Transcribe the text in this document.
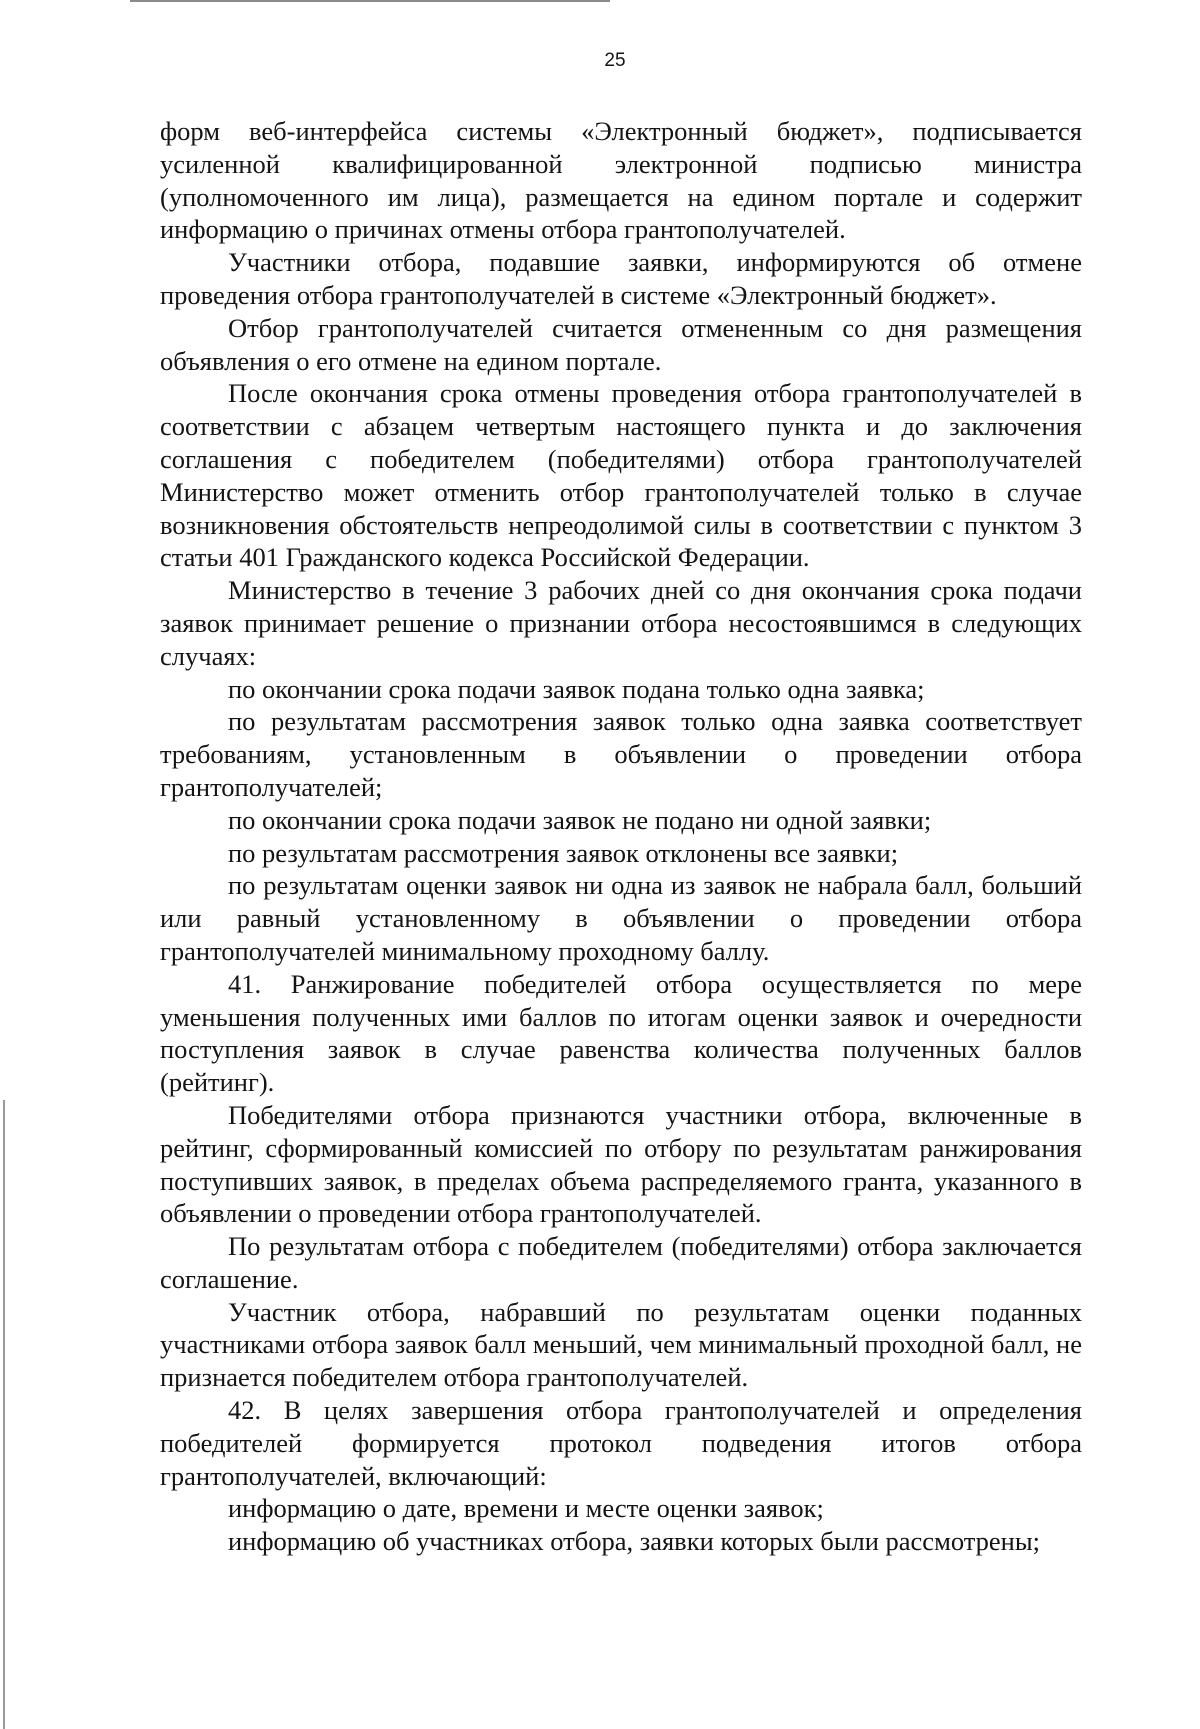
25

форм веб-интерфейса системы «Электронный бюджет», подписывается усиленной квалифицированной электронной подписью министра (уполномоченного им лица), размещается на едином портале и содержит информацию о причинах отмены отбора грантополучателей.

Участники отбора, подавшие заявки, информируются об отмене проведения отбора грантополучателей в системе «Электронный бюджет».

Отбор грантополучателей считается отмененным со дня размещения объявления о его отмене на едином портале.

После окончания срока отмены проведения отбора грантополучателей в соответствии с абзацем четвертым настоящего пункта и до заключения соглашения с победителем (победителями) отбора грантополучателей Министерство может отменить отбор грантополучателей только в случае возникновения обстоятельств непреодолимой силы в соответствии с пунктом 3 статьи 401 Гражданского кодекса Российской Федерации.

Министерство в течение 3 рабочих дней со дня окончания срока подачи заявок принимает решение о признании отбора несостоявшимся в следующих случаях:

по окончании срока подачи заявок подана только одна заявка;

по результатам рассмотрения заявок только одна заявка соответствует требованиям, установленным в объявлении о проведении отбора грантополучателей;

по окончании срока подачи заявок не подано ни одной заявки;

по результатам рассмотрения заявок отклонены все заявки;

по результатам оценки заявок ни одна из заявок не набрала балл, больший или равный установленному в объявлении о проведении отбора грантополучателей минимальному проходному баллу.

41. Ранжирование победителей отбора осуществляется по мере уменьшения полученных ими баллов по итогам оценки заявок и очередности поступления заявок в случае равенства количества полученных баллов (рейтинг).

Победителями отбора признаются участники отбора, включенные в рейтинг, сформированный комиссией по отбору по результатам ранжирования поступивших заявок, в пределах объема распределяемого гранта, указанного в объявлении о проведении отбора грантополучателей.

По результатам отбора с победителем (победителями) отбора заключается соглашение.

Участник отбора, набравший по результатам оценки поданных участниками отбора заявок балл меньший, чем минимальный проходной балл, не признается победителем отбора грантополучателей.

42. В целях завершения отбора грантополучателей и определения победителей формируется протокол подведения итогов отбора грантополучателей, включающий:

информацию о дате, времени и месте оценки заявок;

информацию об участниках отбора, заявки которых были рассмотрены;
